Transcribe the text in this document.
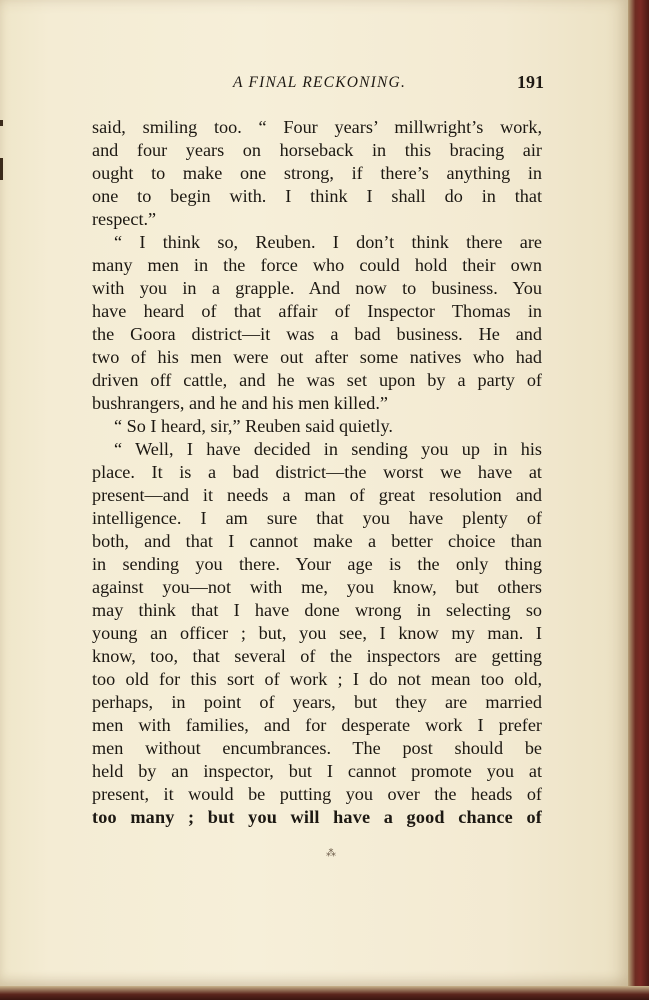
A FINAL RECKONING.	191
said, smiling too. “ Four years’ millwright’s work,
and four years on horseback in this bracing air
ought to make one strong, if there’s anything in
one to begin with. I think I shall do in that
respect.”
“ I think so, Reuben. I don’t think there are
many men in the force who could hold their own
with you in a grapple. And now to business. You
have heard of that affair of Inspector Thomas in
the Goora district—it was a bad business. He and
two of his men were out after some natives who had
driven off cattle, and he was set upon by a party of
bushrangers, and he and his men killed.”
“ So I heard, sir,” Reuben said quietly.
“ Well, I have decided in sending you up in his
place. It is a bad district—the worst we have at
present—and it needs a man of great resolution and
intelligence. I am sure that you have plenty of
both, and that I cannot make a better choice than
in sending you there. Your age is the only thing
against you—not with me, you know, but others
may think that I have done wrong in selecting so
young an officer ; but, you see, I know my man. I
know, too, that several of the inspectors are getting
too old for this sort of work ; I do not mean too old,
perhaps, in point of years, but they are married
men with families, and for desperate work I prefer
men without encumbrances. The post should be
held by an inspector, but I cannot promote you at
present, it would be putting you over the heads of
too many ; but you will have a good chance of
⁂
